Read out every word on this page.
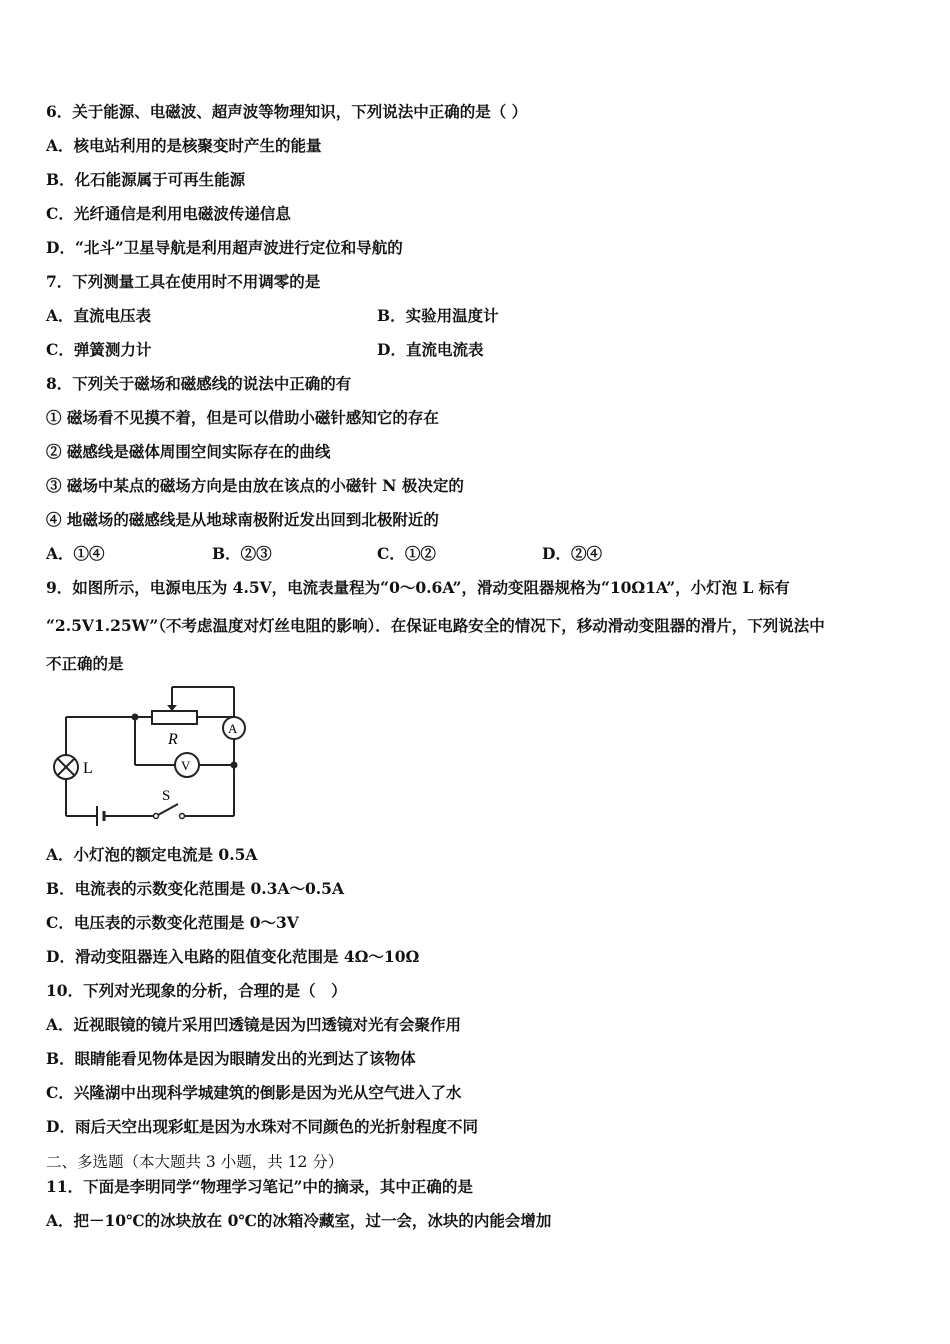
6．关于能源、电磁波、超声波等物理知识，下列说法中正确的是（ ）
A．核电站利用的是核聚变时产生的能量
B．化石能源属于可再生能源
C．光纤通信是利用电磁波传递信息
D．“北斗”卫星导航是利用超声波进行定位和导航的
7．下列测量工具在使用时不用调零的是
A．直流电压表	B．实验用温度计
C．弹簧测力计	D．直流电流表
8．下列关于磁场和磁感线的说法中正确的有
① 磁场看不见摸不着，但是可以借助小磁针感知它的存在
② 磁感线是磁体周围空间实际存在的曲线
③ 磁场中某点的磁场方向是由放在该点的小磁针 N 极决定的
④ 地磁场的磁感线是从地球南极附近发出回到北极附近的
A．①④	B．②③	C．①②	D．②④
9．如图所示，电源电压为 4.5V，电流表量程为“0～0.6A”，滑动变阻器规格为“10Ω1A”，小灯泡 L 标有
“2.5V1.25W”（不考虑温度对灯丝电阻的影响）．在保证电路安全的情况下，移动滑动变阻器的滑片，下列说法中
不正确的是
R
A
V
L
S
A．小灯泡的额定电流是 0.5A
B．电流表的示数变化范围是 0.3A～0.5A
C．电压表的示数变化范围是 0～3V
D．滑动变阻器连入电路的阻值变化范围是 4Ω～10Ω
10．下列对光现象的分析，合理的是（　）
A．近视眼镜的镜片采用凹透镜是因为凹透镜对光有会聚作用
B．眼睛能看见物体是因为眼睛发出的光到达了该物体
C．兴隆湖中出现科学城建筑的倒影是因为光从空气进入了水
D．雨后天空出现彩虹是因为水珠对不同颜色的光折射程度不同
二、多选题（本大题共 3 小题，共 12 分）
11．下面是李明同学“物理学习笔记”中的摘录，其中正确的是
A．把－10℃的冰块放在 0℃的冰箱冷藏室，过一会，冰块的内能会增加
